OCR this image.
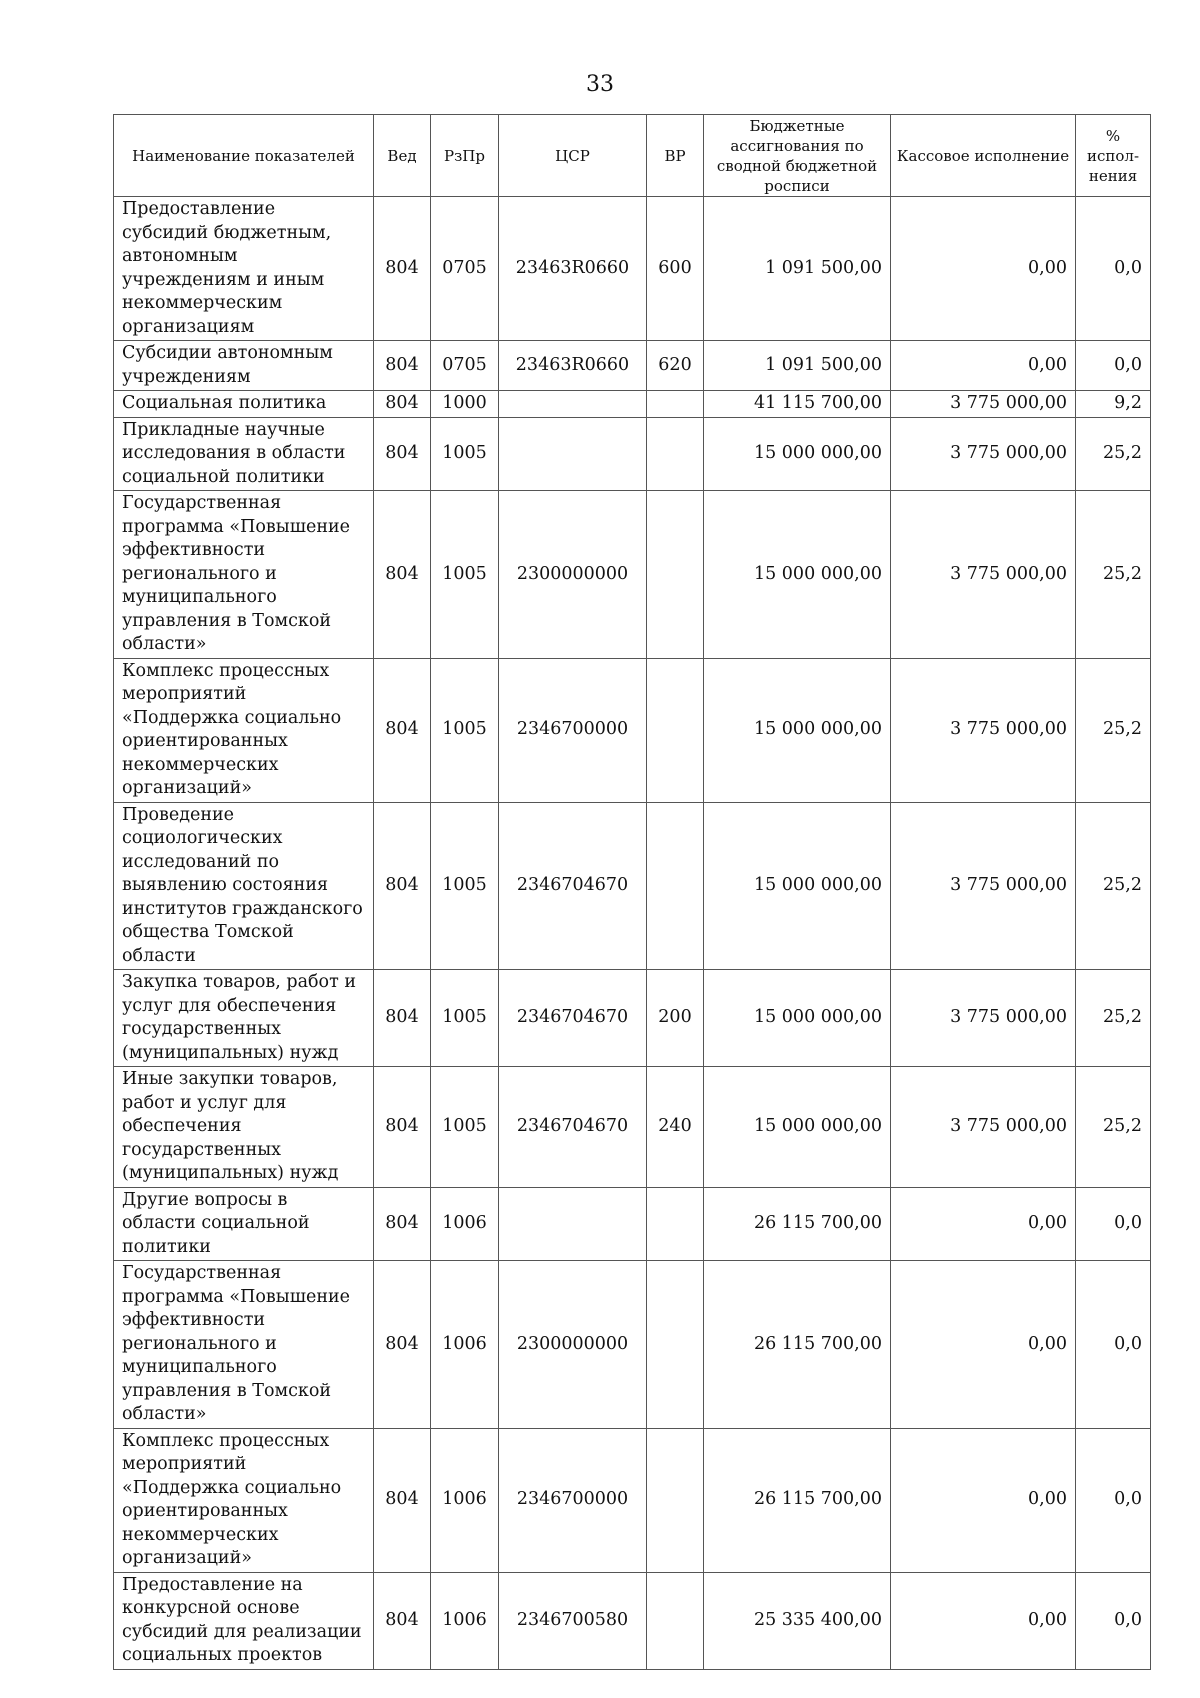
33
Наименование показателей	Вед	РзПр	ЦСР	ВР	Бюджетные ассигнования по сводной бюджетной росписи	Кассовое исполнение	% испол-нения
Предоставление субсидий бюджетным, автономным учреждениям и иным некоммерческим организациям	804	0705	23463R0660	600	1 091 500,00	0,00	0,0
Субсидии автономным учреждениям	804	0705	23463R0660	620	1 091 500,00	0,00	0,0
Социальная политика	804	1000			41 115 700,00	3 775 000,00	9,2
Прикладные научные исследования в области социальной политики	804	1005			15 000 000,00	3 775 000,00	25,2
Государственная программа «Повышение эффективности регионального и муниципального управления в Томской области»	804	1005	2300000000		15 000 000,00	3 775 000,00	25,2
Комплекс процессных мероприятий «Поддержка социально ориентированных некоммерческих организаций»	804	1005	2346700000		15 000 000,00	3 775 000,00	25,2
Проведение социологических исследований по выявлению состояния институтов гражданского общества Томской области	804	1005	2346704670		15 000 000,00	3 775 000,00	25,2
Закупка товаров, работ и услуг для обеспечения государственных (муниципальных) нужд	804	1005	2346704670	200	15 000 000,00	3 775 000,00	25,2
Иные закупки товаров, работ и услуг для обеспечения государственных (муниципальных) нужд	804	1005	2346704670	240	15 000 000,00	3 775 000,00	25,2
Другие вопросы в области социальной политики	804	1006			26 115 700,00	0,00	0,0
Государственная программа «Повышение эффективности регионального и муниципального управления в Томской области»	804	1006	2300000000		26 115 700,00	0,00	0,0
Комплекс процессных мероприятий «Поддержка социально ориентированных некоммерческих организаций»	804	1006	2346700000		26 115 700,00	0,00	0,0
Предоставление на конкурсной основе субсидий для реализации социальных проектов	804	1006	2346700580		25 335 400,00	0,00	0,0
